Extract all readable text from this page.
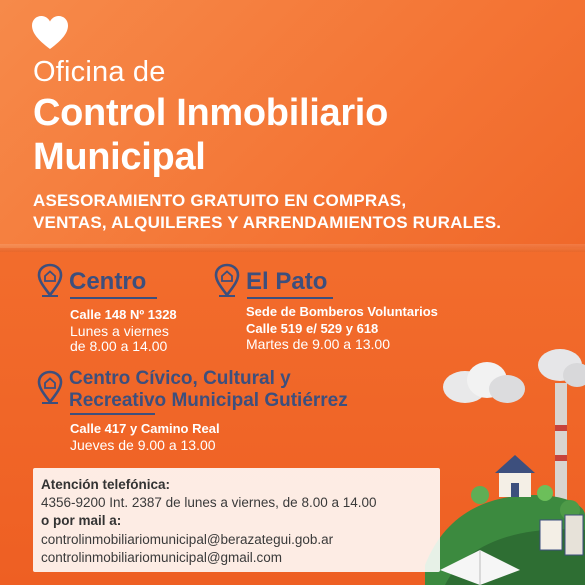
Oficina de
Control Inmobiliario
Municipal
ASESORAMIENTO GRATUITO EN COMPRAS,
VENTAS, ALQUILERES Y ARRENDAMIENTOS RURALES.
Centro
Calle 148 Nº 1328
Lunes a viernes
de 8.00 a 14.00
El Pato
Sede de Bomberos Voluntarios
Calle 519 e/ 529 y 618
Martes de 9.00 a 13.00
Centro Cívico, Cultural y
Recreativo Municipal Gutiérrez
Calle 417 y Camino Real
Jueves de 9.00 a 13.00
Atención telefónica:
4356-9200 Int. 2387 de lunes a viernes, de 8.00 a 14.00
o por mail a:
controlinmobiliariomunicipal@berazategui.gob.ar
controlinmobiliariomunicipal@gmail.com
